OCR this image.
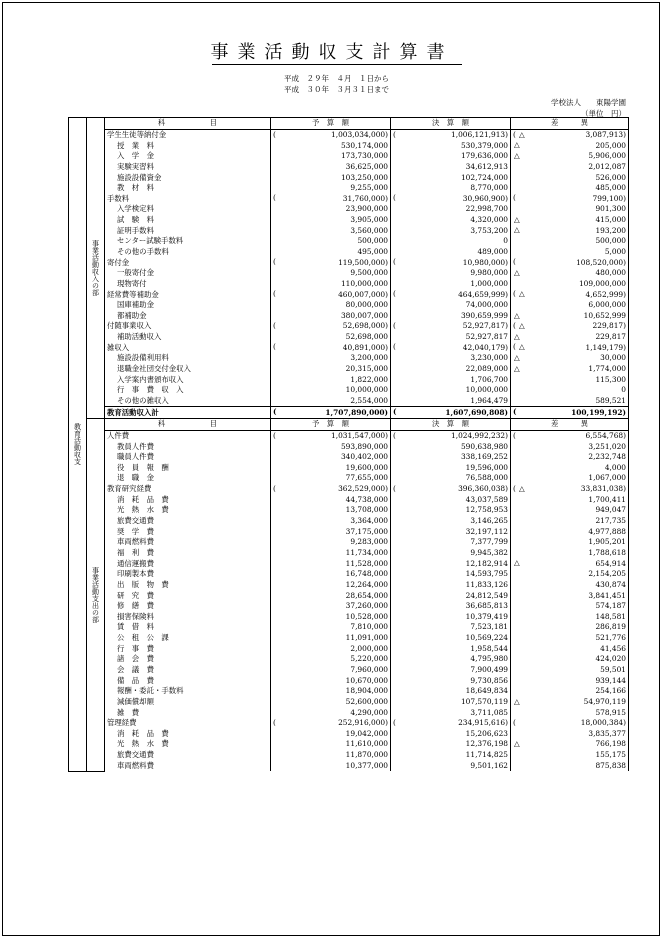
事業活動収支計算書
平成　２９年　４月　１日から
平成　３０年　３月３１日まで
学校法人　　東陽学園
（単位　円）
教育活動収支	事業活動収入の部	科　　　　　　目	予　算　額	決　算　額	差　　　異
		学生生徒等納付金	( 1,003,034,000)	( 1,006,121,913)	( △ 3,087,913)
		授　業　料	530,174,000	530,379,000	△ 205,000
		入　学　金	173,730,000	179,636,000	△ 5,906,000
		実験実習料	36,625,000	34,612,913	2,012,087
		施設設備資金	103,250,000	102,724,000	526,000
		教　材　料	9,255,000	8,770,000	485,000
		手数料	( 31,760,000)	( 30,960,900)	( 799,100)
		入学検定料	23,900,000	22,998,700	901,300
		試　験　料	3,905,000	4,320,000	△ 415,000
		証明手数料	3,560,000	3,753,200	△ 193,200
		センター試験手数料	500,000	0	500,000
		その他の手数料	495,000	489,000	5,000
		寄付金	( 119,500,000)	( 10,980,000)	( 108,520,000)
		一般寄付金	9,500,000	9,980,000	△ 480,000
		現物寄付	110,000,000	1,000,000	109,000,000
		経常費等補助金	( 460,007,000)	( 464,659,999)	( △ 4,652,999)
		国庫補助金	80,000,000	74,000,000	6,000,000
		都補助金	380,007,000	390,659,999	△ 10,652,999
		付随事業収入	( 52,698,000)	( 52,927,817)	( △ 229,817)
		補助活動収入	52,698,000	52,927,817	△ 229,817
		雑収入	( 40,891,000)	( 42,040,179)	( △ 1,149,179)
		施設設備利用料	3,200,000	3,230,000	△ 30,000
		退職金社団交付金収入	20,315,000	22,089,000	△ 1,774,000
		入学案内書頒布収入	1,822,000	1,706,700	115,300
		行　事　費　収　入	10,000,000	10,000,000	0
		その他の雑収入	2,554,000	1,964,479	589,521
		教育活動収入計	( 1,707,890,000)	( 1,607,690,808)	( 100,199,192)

	事業活動支出の部	科　　　　　　目	予　算　額	決　算　額	差　　　異
		人件費	( 1,031,547,000)	( 1,024,992,232)	( 6,554,768)
		教員人件費	593,890,000	590,638,980	3,251,020
		職員人件費	340,402,000	338,169,252	2,232,748
		役　員　報　酬	19,600,000	19,596,000	4,000
		退　職　金	77,655,000	76,588,000	1,067,000
		教育研究経費	( 362,529,000)	( 396,360,038)	( △ 33,831,038)
		消　耗　品　費	44,738,000	43,037,589	1,700,411
		光　熱　水　費	13,708,000	12,758,953	949,047
		旅費交通費	3,364,000	3,146,265	217,735
		奨　学　費	37,175,000	32,197,112	4,977,888
		車両燃料費	9,283,000	7,377,799	1,905,201
		福　利　費	11,734,000	9,945,382	1,788,618
		通信運搬費	11,528,000	12,182,914	△ 654,914
		印刷製本費	16,748,000	14,593,795	2,154,205
		出　版　物　費	12,264,000	11,833,126	430,874
		研　究　費	28,654,000	24,812,549	3,841,451
		修　繕　費	37,260,000	36,685,813	574,187
		損害保険料	10,528,000	10,379,419	148,581
		賃　借　料	7,810,000	7,523,181	286,819
		公　租　公　課	11,091,000	10,569,224	521,776
		行　事　費	2,000,000	1,958,544	41,456
		諸　会　費	5,220,000	4,795,980	424,020
		会　議　費	7,960,000	7,900,499	59,501
		備　品　費	10,670,000	9,730,856	939,144
		報酬・委託・手数料	18,904,000	18,649,834	254,166
		減価償却額	52,600,000	107,570,119	△ 54,970,119
		雑　費	4,290,000	3,711,085	578,915
		管理経費	( 252,916,000)	( 234,915,616)	( 18,000,384)
		消　耗　品　費	19,042,000	15,206,623	3,835,377
		光　熱　水　費	11,610,000	12,376,198	△ 766,198
		旅費交通費	11,870,000	11,714,825	155,175
		車両燃料費	10,377,000	9,501,162	875,838
